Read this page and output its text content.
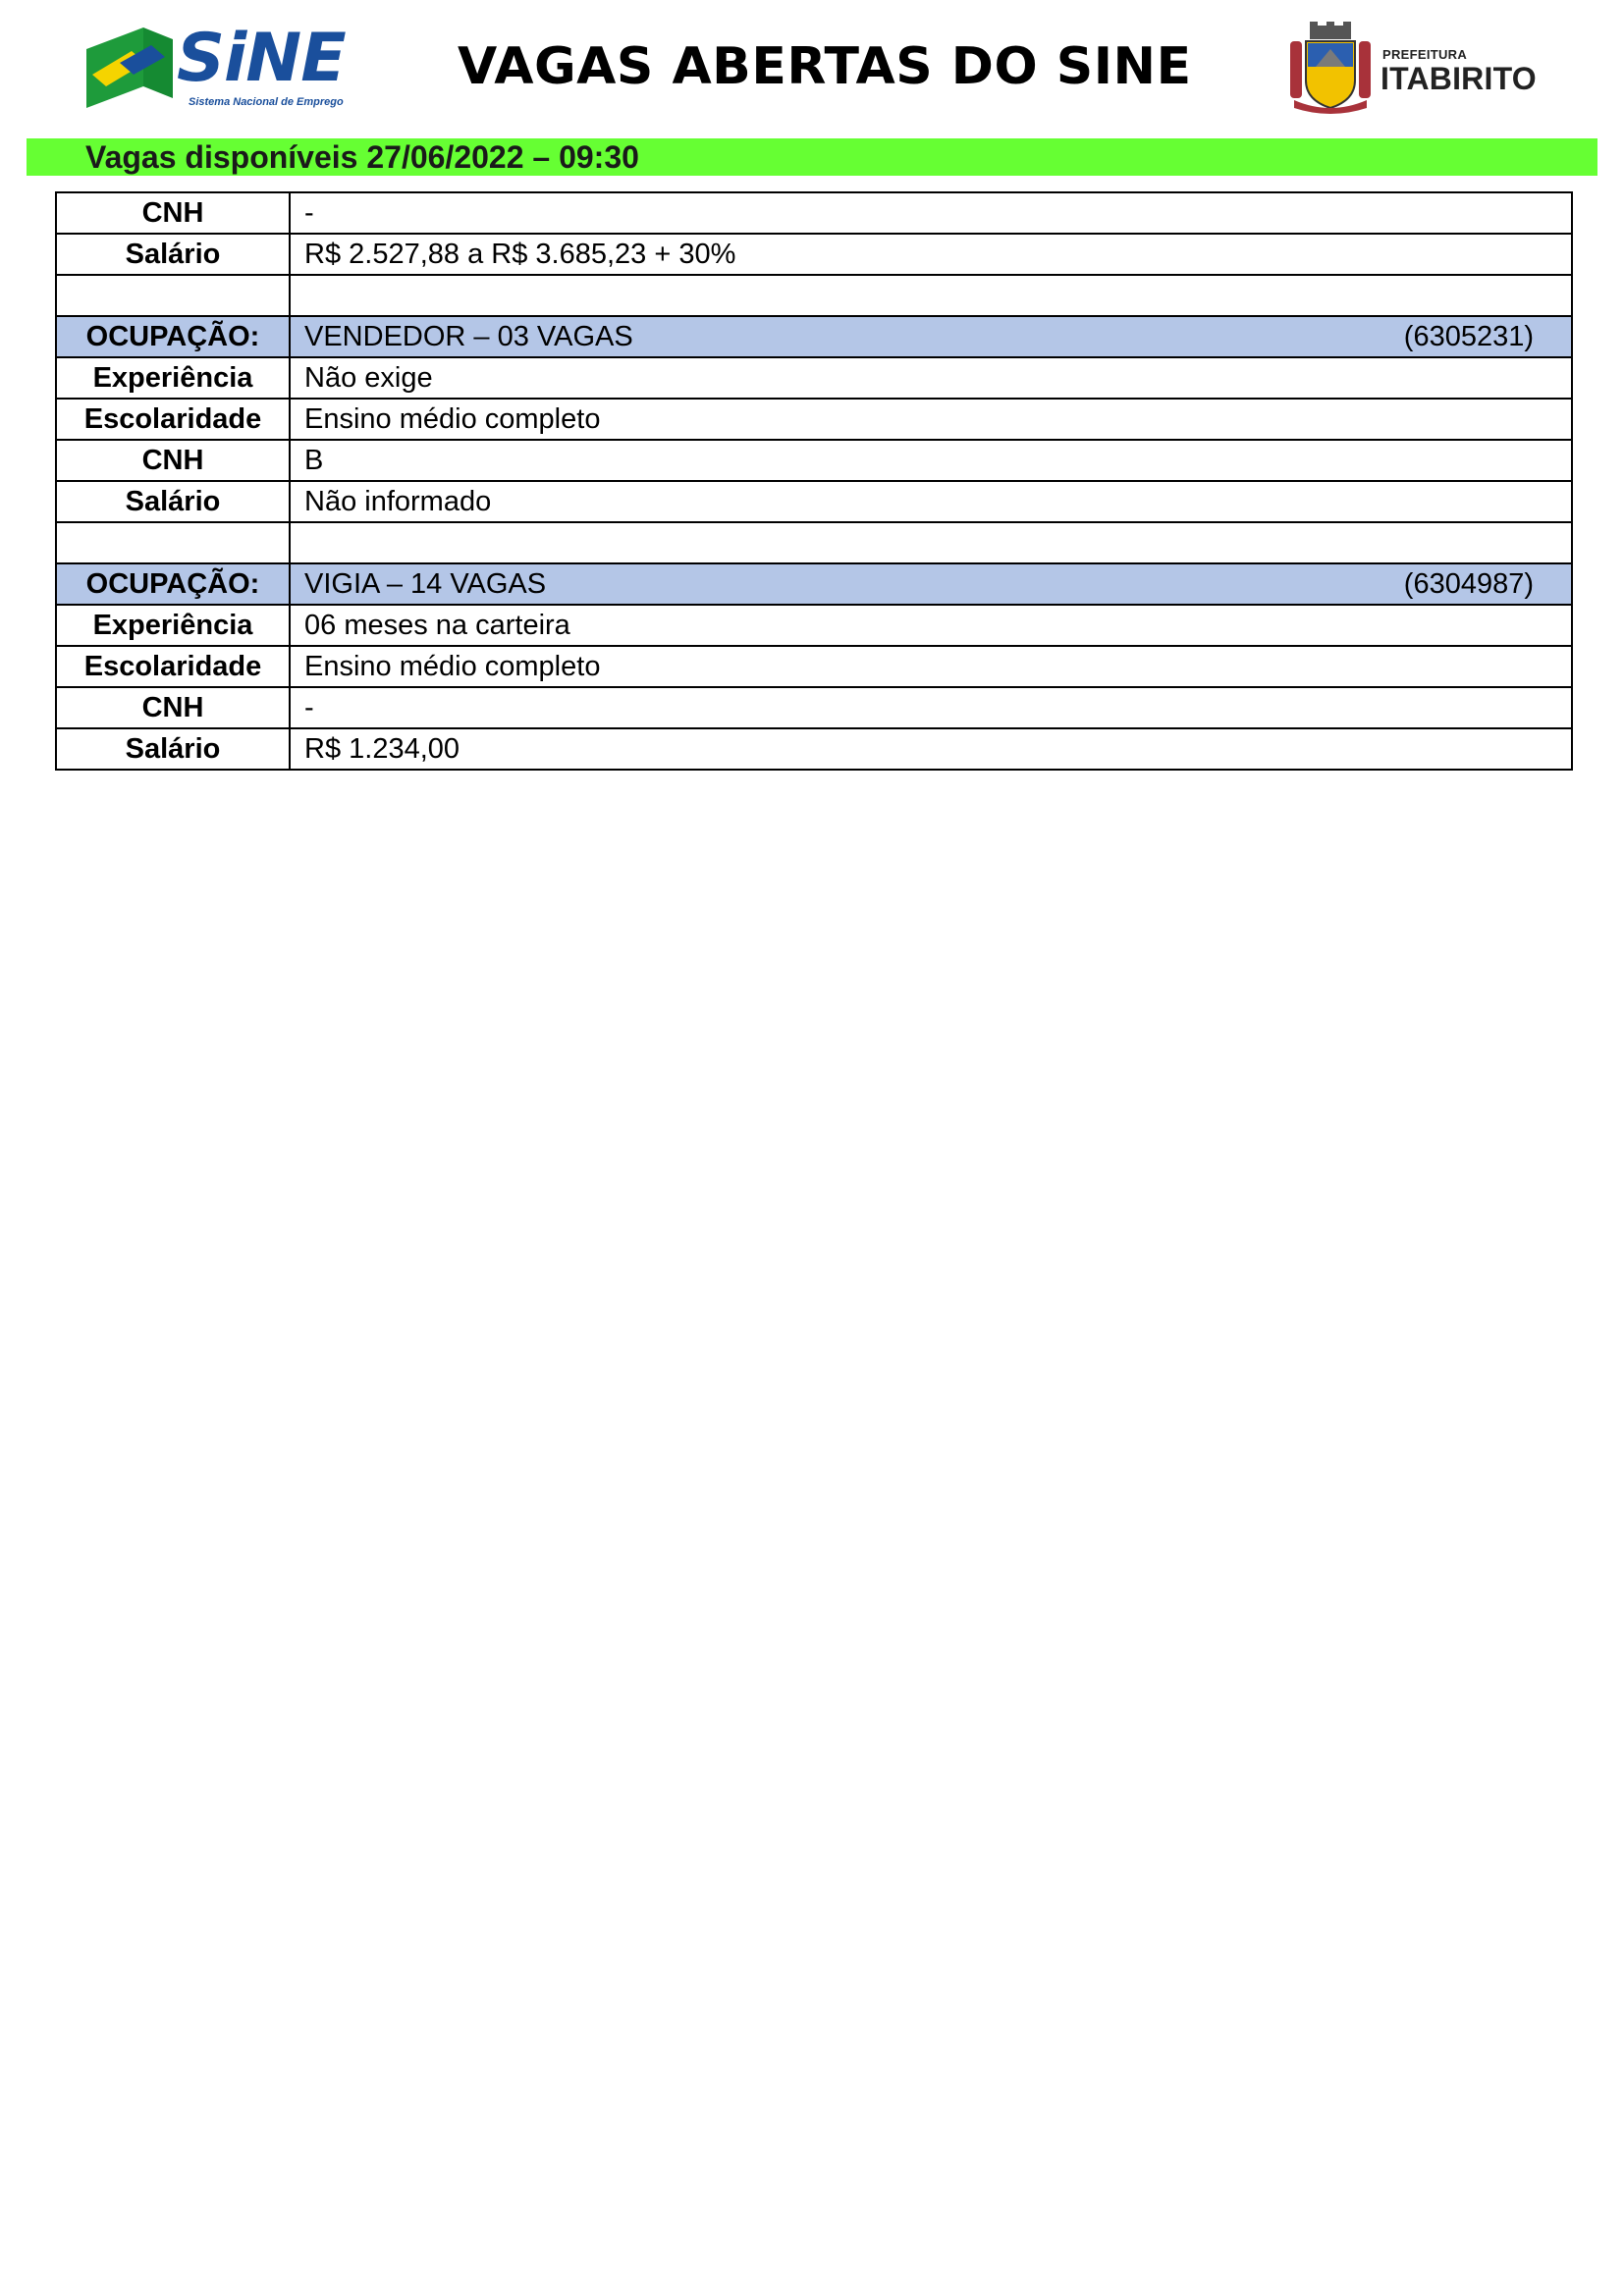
SiNE
Sistema Nacional de Emprego
VAGAS ABERTAS DO SINE	PREFEITURA
ITABIRITO
Vagas disponíveis 27/06/2022 – 09:30
CNH	-
Salário	R$ 2.527,88 a R$ 3.685,23 + 30%

OCUPAÇÃO:	VENDEDOR – 03 VAGAS (6305231)

Experiência	Não exige
Escolaridade	Ensino médio completo
CNH	B
Salário	Não informado

OCUPAÇÃO:	VIGIA – 14 VAGAS (6304987)

Experiência	06 meses na carteira
Escolaridade	Ensino médio completo
CNH	-
Salário	R$ 1.234,00
